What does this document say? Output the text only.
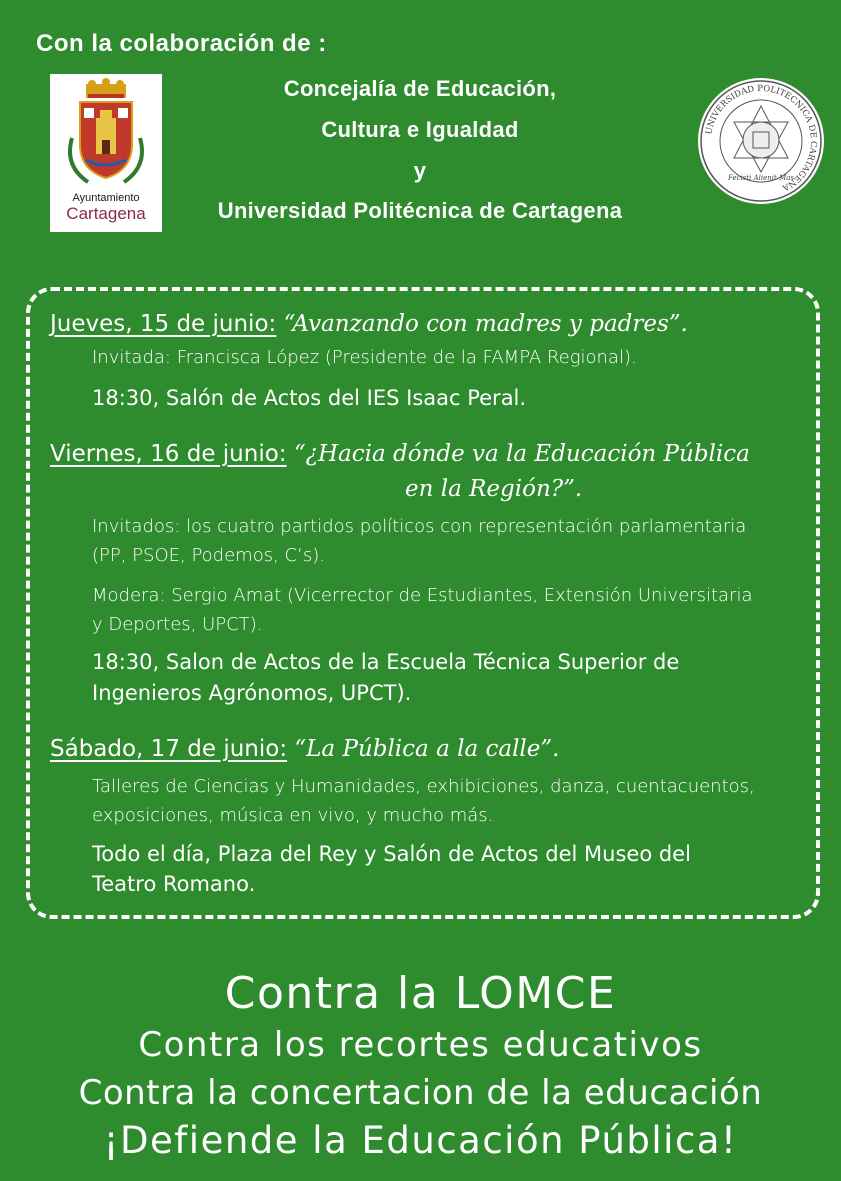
Con la colaboración de :
Ayuntamiento
Cartagena
Concejalía de Educación,
Cultura e Igualdad
y
Universidad Politécnica de Cartagena
UNIVERSIDAD POLITECNICA DE CARTAGENA
Fecisti Alienit Mas
Jueves, 15 de junio: “Avanzando con madres y padres”.
Invitada: Francisca López (Presidente de la FAMPA Regional).
18:30, Salón de Actos del IES Isaac Peral.
Viernes, 16 de junio: “¿Hacia dónde va la Educación Pública
en la Región?”.
Invitados: los cuatro partidos políticos con representación parlamentaria
(PP, PSOE, Podemos, C’s).
Modera: Sergio Amat (Vicerrector de Estudiantes, Extensión Universitaria
y Deportes, UPCT).
18:30, Salon de Actos de la Escuela Técnica Superior de
Ingenieros Agrónomos, UPCT).
Sábado, 17 de junio: “La Pública a la calle”.
Talleres de Ciencias y Humanidades, exhibiciones, danza, cuentacuentos,
exposiciones, música en vivo, y mucho más.
Todo el día, Plaza del Rey y Salón de Actos del Museo del
Teatro Romano.
Contra la LOMCE
Contra los recortes educativos
Contra la concertacion de la educación
¡Defiende la Educación Pública!
